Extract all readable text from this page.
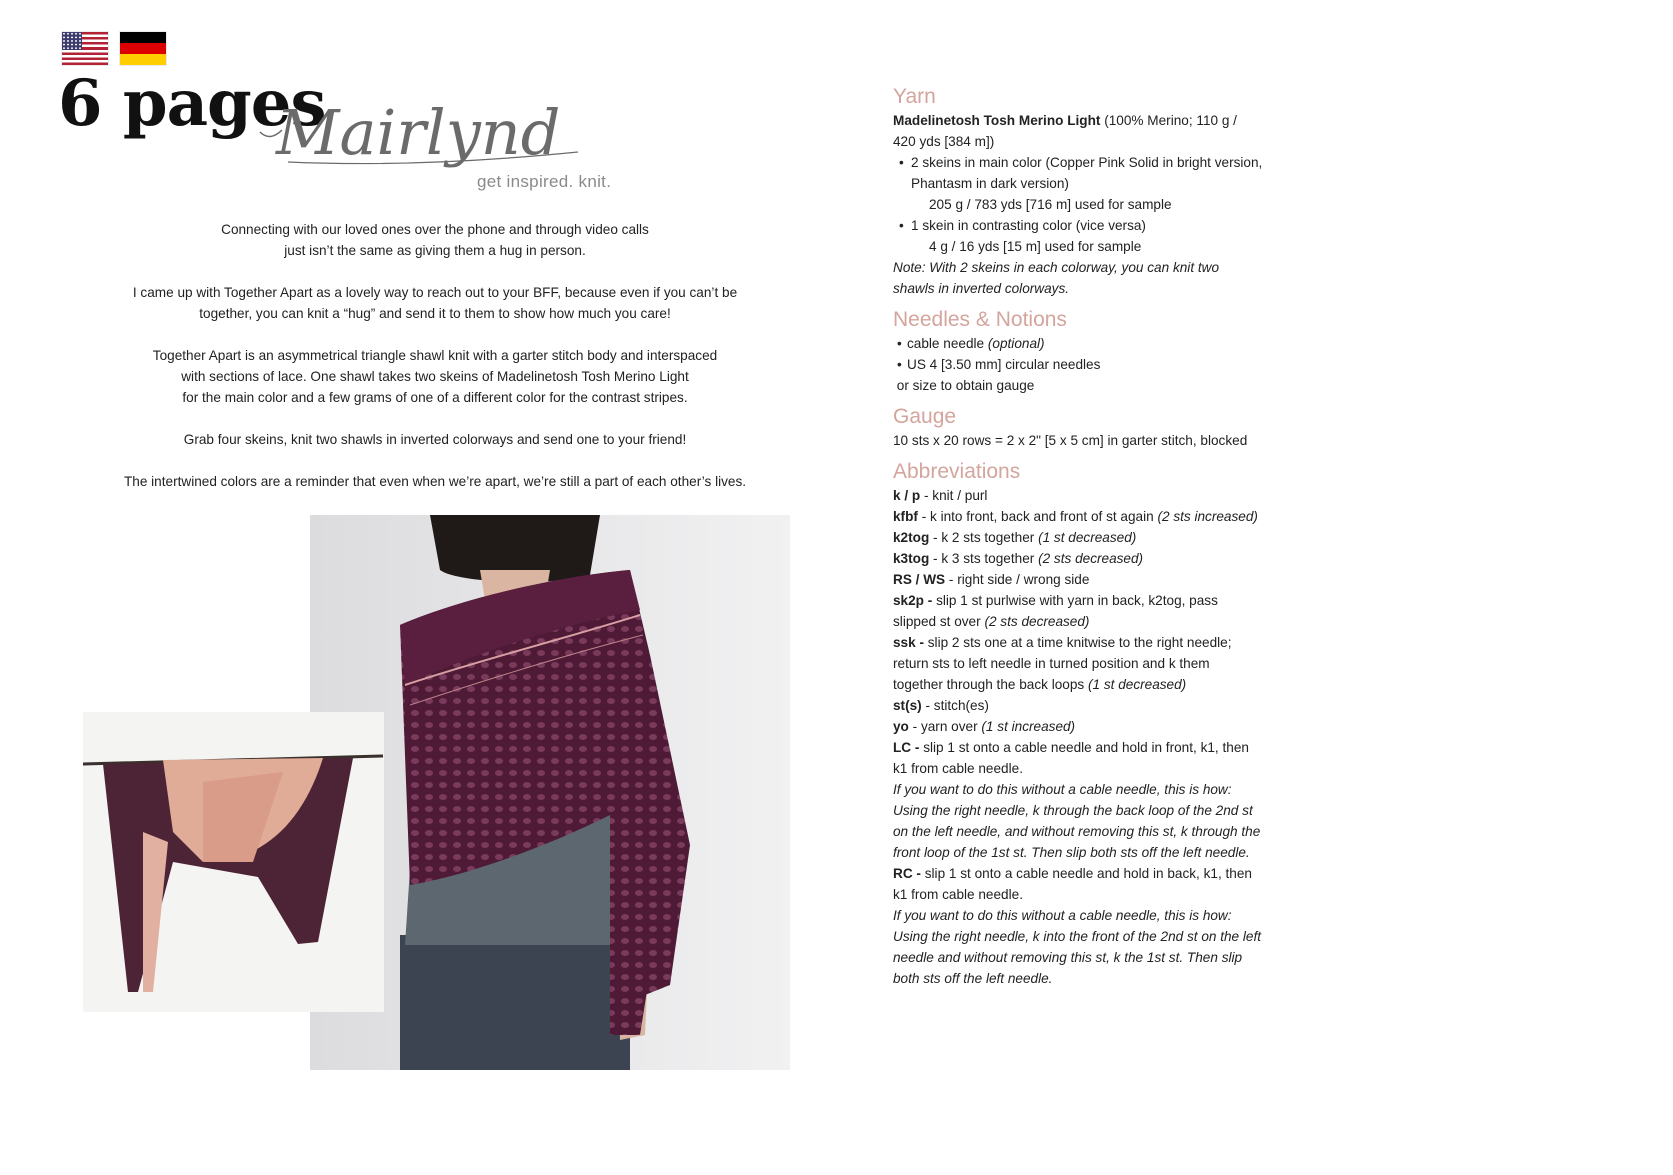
6 pages
Mairlynd
get inspired. knit.

Connecting with our loved ones over the phone and through video calls
just isn’t the same as giving them a hug in person.

I came up with Together Apart as a lovely way to reach out to your BFF, because even if you can’t be
together, you can knit a “hug” and send it to them to show how much you care!

Together Apart is an asymmetrical triangle shawl knit with a garter stitch body and interspaced
with sections of lace. One shawl takes two skeins of Madelinetosh Tosh Merino Light
for the main color and a few grams of one of a different color for the contrast stripes.

Grab four skeins, knit two shawls in inverted colorways and send one to your friend!

The intertwined colors are a reminder that even when we’re apart, we’re still a part of each other’s lives.

Yarn
Madelinetosh Tosh Merino Light (100% Merino; 110 g / 420 yds [384 m])
• 2 skeins in main color (Copper Pink Solid in bright version, Phantasm in dark version)
205 g / 783 yds [716 m] used for sample
• 1 skein in contrasting color (vice versa)
4 g / 16 yds [15 m] used for sample
Note: With 2 skeins in each colorway, you can knit two shawls in inverted colorways.
Needles & Notions
• cable needle (optional)
• US 4 [3.50 mm] circular needles
or size to obtain gauge
Gauge
10 sts x 20 rows = 2 x 2" [5 x 5 cm] in garter stitch, blocked
Abbreviations
k / p - knit / purl
kfbf - k into front, back and front of st again (2 sts increased)
k2tog - k 2 sts together (1 st decreased)
k3tog - k 3 sts together (2 sts decreased)
RS / WS - right side / wrong side
sk2p - slip 1 st purlwise with yarn in back, k2tog, pass slipped st over (2 sts decreased)
ssk - slip 2 sts one at a time knitwise to the right needle; return sts to left needle in turned position and k them together through the back loops (1 st decreased)
st(s) - stitch(es)
yo - yarn over (1 st increased)
LC - slip 1 st onto a cable needle and hold in front, k1, then k1 from cable needle.
If you want to do this without a cable needle, this is how: Using the right needle, k through the back loop of the 2nd st on the left needle, and without removing this st, k through the front loop of the 1st st. Then slip both sts off the left needle.
RC - slip 1 st onto a cable needle and hold in back, k1, then k1 from cable needle.
If you want to do this without a cable needle, this is how: Using the right needle, k into the front of the 2nd st on the left needle and without removing this st, k the 1st st. Then slip both sts off the left needle.
